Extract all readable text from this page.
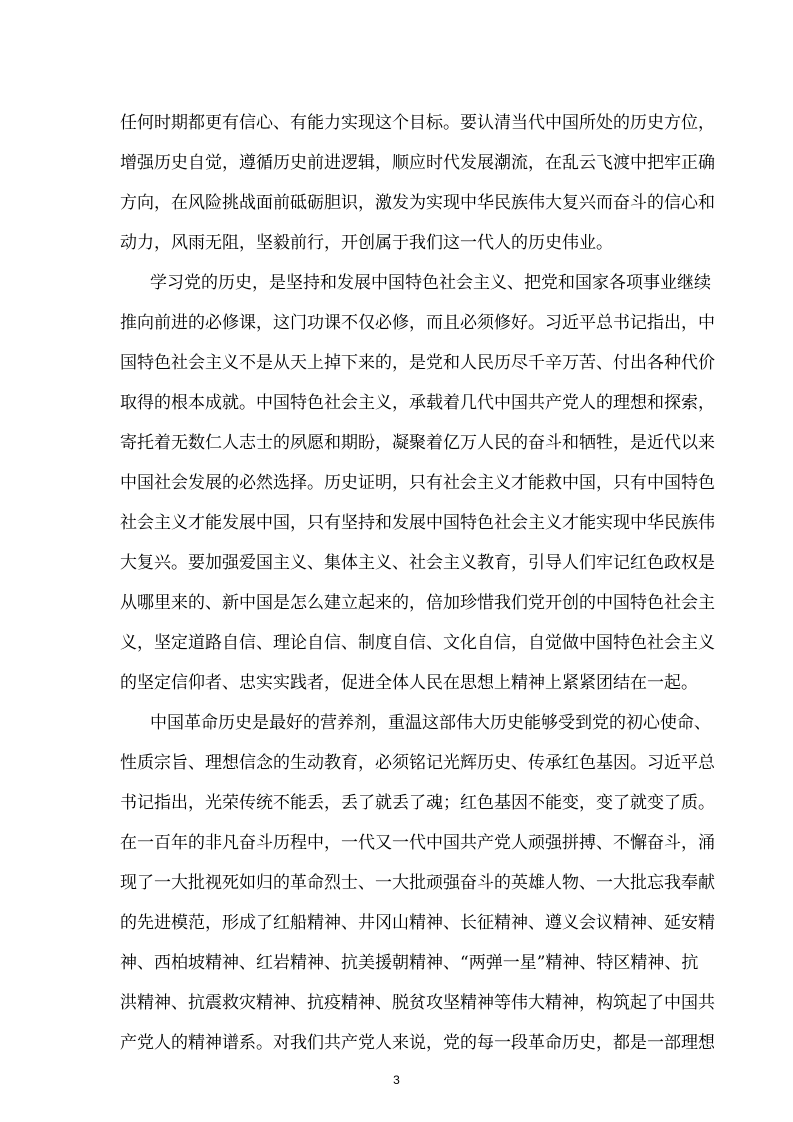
任何时期都更有信心、有能力实现这个目标。要认清当代中国所处的历史方位，
增强历史自觉，遵循历史前进逻辑，顺应时代发展潮流，在乱云飞渡中把牢正确
方向，在风险挑战面前砥砺胆识，激发为实现中华民族伟大复兴而奋斗的信心和
动力，风雨无阻，坚毅前行，开创属于我们这一代人的历史伟业。
学习党的历史，是坚持和发展中国特色社会主义、把党和国家各项事业继续
推向前进的必修课，这门功课不仅必修，而且必须修好。习近平总书记指出，中
国特色社会主义不是从天上掉下来的，是党和人民历尽千辛万苦、付出各种代价
取得的根本成就。中国特色社会主义，承载着几代中国共产党人的理想和探索，
寄托着无数仁人志士的夙愿和期盼，凝聚着亿万人民的奋斗和牺牲，是近代以来
中国社会发展的必然选择。历史证明，只有社会主义才能救中国，只有中国特色
社会主义才能发展中国，只有坚持和发展中国特色社会主义才能实现中华民族伟
大复兴。要加强爱国主义、集体主义、社会主义教育，引导人们牢记红色政权是
从哪里来的、新中国是怎么建立起来的，倍加珍惜我们党开创的中国特色社会主
义，坚定道路自信、理论自信、制度自信、文化自信，自觉做中国特色社会主义
的坚定信仰者、忠实实践者，促进全体人民在思想上精神上紧紧团结在一起。
中国革命历史是最好的营养剂，重温这部伟大历史能够受到党的初心使命、
性质宗旨、理想信念的生动教育，必须铭记光辉历史、传承红色基因。习近平总
书记指出，光荣传统不能丢，丢了就丢了魂；红色基因不能变，变了就变了质。
在一百年的非凡奋斗历程中，一代又一代中国共产党人顽强拼搏、不懈奋斗，涌
现了一大批视死如归的革命烈士、一大批顽强奋斗的英雄人物、一大批忘我奉献
的先进模范，形成了红船精神、井冈山精神、长征精神、遵义会议精神、延安精
神、西柏坡精神、红岩精神、抗美援朝精神、“两弹一星”精神、特区精神、抗
洪精神、抗震救灾精神、抗疫精神、脱贫攻坚精神等伟大精神，构筑起了中国共
产党人的精神谱系。对我们共产党人来说，党的每一段革命历史，都是一部理想
3
